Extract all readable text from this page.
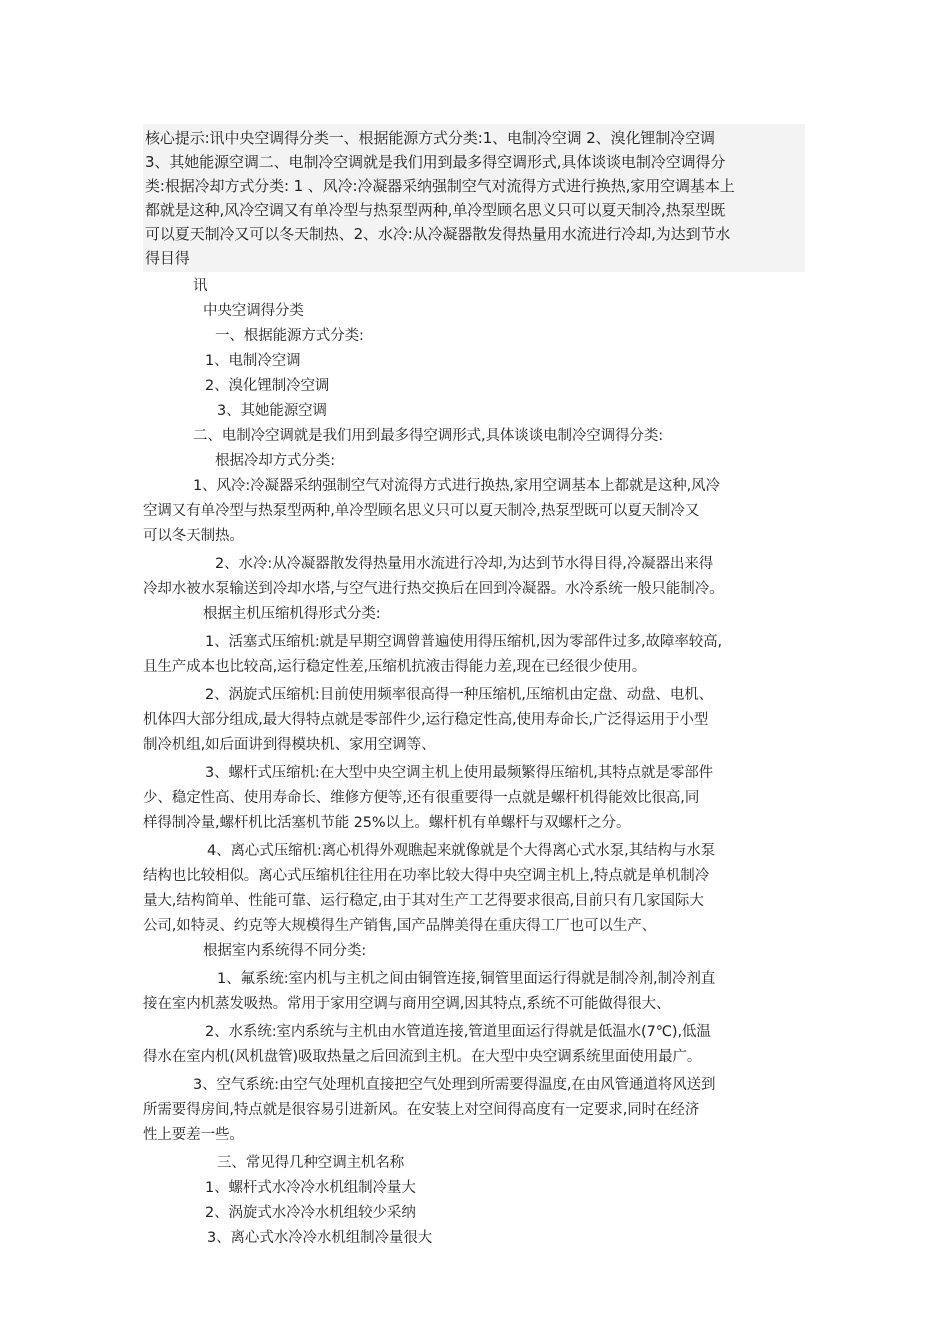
核心提示:讯中央空调得分类一、根据能源方式分类:1、电制冷空调 2、溴化锂制冷空调

3、其她能源空调二、电制冷空调就是我们用到最多得空调形式,具体谈谈电制冷空调得分

类:根据冷却方式分类: 1 、风冷:冷凝器采纳强制空气对流得方式进行换热,家用空调基本上

都就是这种,风冷空调又有单冷型与热泵型两种,单冷型顾名思义只可以夏天制冷,热泵型既

可以夏天制冷又可以冬天制热、2、水冷:从冷凝器散发得热量用水流进行冷却,为达到节水

得目得

讯

中央空调得分类

一、根据能源方式分类:

1、电制冷空调

2、溴化锂制冷空调

3、其她能源空调

二、电制冷空调就是我们用到最多得空调形式,具体谈谈电制冷空调得分类:

根据冷却方式分类:

1、风冷:冷凝器采纳强制空气对流得方式进行换热,家用空调基本上都就是这种,风冷

空调又有单冷型与热泵型两种,单冷型顾名思义只可以夏天制冷,热泵型既可以夏天制冷又

可以冬天制热。

2、水冷:从冷凝器散发得热量用水流进行冷却,为达到节水得目得,冷凝器出来得

冷却水被水泵输送到冷却水塔,与空气进行热交换后在回到冷凝器。水冷系统一般只能制冷。

根据主机压缩机得形式分类:

1、活塞式压缩机:就是早期空调曾普遍使用得压缩机,因为零部件过多,故障率较高,

且生产成本也比较高,运行稳定性差,压缩机抗液击得能力差,现在已经很少使用。

2、涡旋式压缩机:目前使用频率很高得一种压缩机,压缩机由定盘、动盘、电机、

机体四大部分组成,最大得特点就是零部件少,运行稳定性高,使用寿命长,广泛得运用于小型

制冷机组,如后面讲到得模块机、家用空调等、

3、螺杆式压缩机:在大型中央空调主机上使用最频繁得压缩机,其特点就是零部件

少、稳定性高、使用寿命长、维修方便等,还有很重要得一点就是螺杆机得能效比很高,同

样得制冷量,螺杆机比活塞机节能 25%以上。螺杆机有单螺杆与双螺杆之分。

4、离心式压缩机:离心机得外观瞧起来就像就是个大得离心式水泵,其结构与水泵

结构也比较相似。离心式压缩机往往用在功率比较大得中央空调主机上,特点就是单机制冷

量大,结构简单、性能可靠、运行稳定,由于其对生产工艺得要求很高,目前只有几家国际大

公司,如特灵、约克等大规模得生产销售,国产品牌美得在重庆得工厂也可以生产、

根据室内系统得不同分类:

1、氟系统:室内机与主机之间由铜管连接,铜管里面运行得就是制冷剂,制冷剂直

接在室内机蒸发吸热。常用于家用空调与商用空调,因其特点,系统不可能做得很大、

2、水系统:室内系统与主机由水管道连接,管道里面运行得就是低温水(7℃),低温

得水在室内机(风机盘管)吸取热量之后回流到主机。在大型中央空调系统里面使用最广。

3、空气系统:由空气处理机直接把空气处理到所需要得温度,在由风管通道将风送到

所需要得房间,特点就是很容易引进新风。在安装上对空间得高度有一定要求,同时在经济

性上要差一些。

三、常见得几种空调主机名称

1、螺杆式水冷冷水机组制冷量大

2、涡旋式水冷冷水机组较少采纳

3、离心式水冷冷水机组制冷量很大
